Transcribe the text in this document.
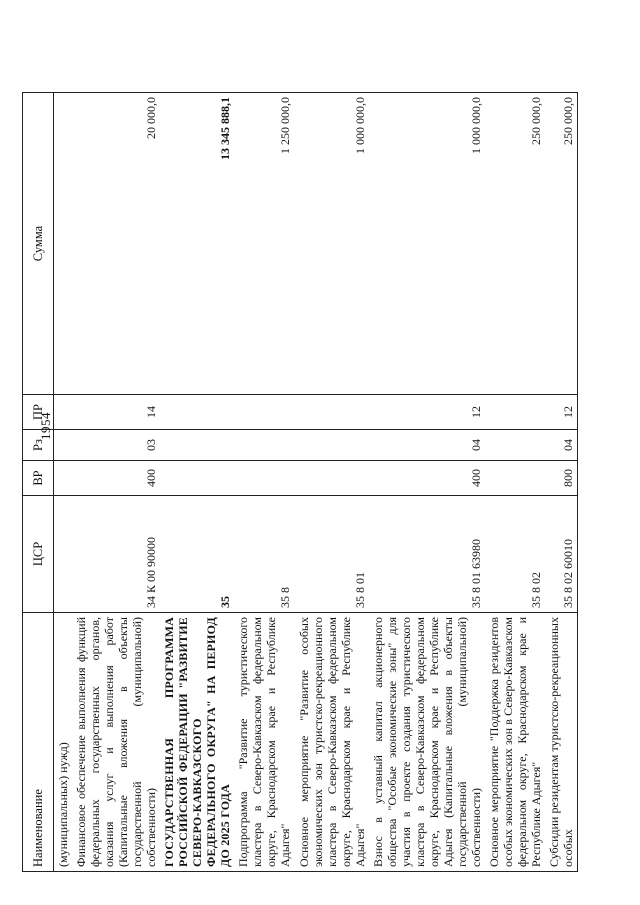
1954
Наименование	ЦСР	ВР	Рз	ПР	Сумма
(муниципальных) нужд)					
Финансовое обеспечение выполнения функций федеральных государственных органов, оказания услуг и выполнения работ (Капитальные вложения в объекты государственной (муниципальной) собственности)	34 К 00 90000	400	03	14	20 000,0
ГОСУДАРСТВЕННАЯ ПРОГРАММА РОССИЙСКОЙ ФЕДЕРАЦИИ "РАЗВИТИЕ СЕВЕРО-КАВКАЗСКОГО ФЕДЕРАЛЬНОГО ОКРУГА" НА ПЕРИОД ДО 2025 ГОДА	35				13 345 888,1
Подпрограмма "Развитие туристического кластера в Северо-Кавказском федеральном округе, Краснодарском крае и Республике Адыгея"	35 8				1 250 000,0
Основное мероприятие "Развитие особых экономических зон туристско-рекреационного кластера в Северо-Кавказском федеральном округе, Краснодарском крае и Республике Адыгея"	35 8 01				1 000 000,0
Взнос в уставный капитал акционерного общества "Особые экономические зоны" для участия в проекте создания туристического кластера в Северо-Кавказском федеральном округе, Краснодарском крае и Республике Адыгея (Капитальные вложения в объекты государственной (муниципальной) собственности)	35 8 01 63980	400	04	12	1 000 000,0
Основное мероприятие "Поддержка резидентов особых экономических зон в Северо-Кавказском федеральном округе, Краснодарском крае и Республике Адыгея"	35 8 02				250 000,0
Субсидии резидентам туристско-рекреационных особых	35 8 02 60010	800	04	12	250 000,0
